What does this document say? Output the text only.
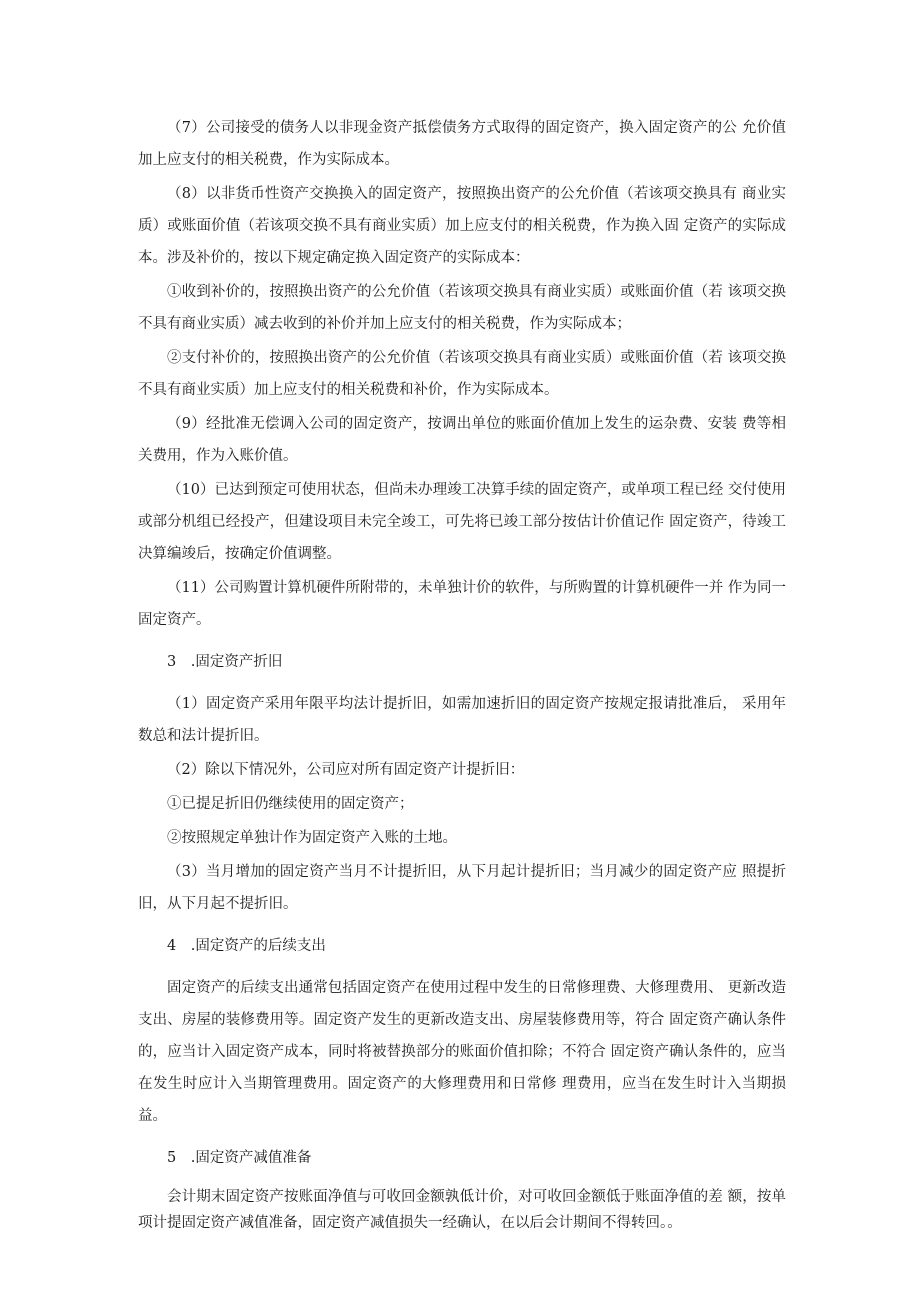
（7）公司接受的债务人以非现金资产抵偿债务方式取得的固定资产，换入固定资产的公 允价值加上应支付的相关税费，作为实际成本。

（8）以非货币性资产交换换入的固定资产，按照换出资产的公允价值（若该项交换具有 商业实质）或账面价值（若该项交换不具有商业实质）加上应支付的相关税费，作为换入固 定资产的实际成本。涉及补价的，按以下规定确定换入固定资产的实际成本：

①收到补价的，按照换出资产的公允价值（若该项交换具有商业实质）或账面价值（若 该项交换不具有商业实质）减去收到的补价并加上应支付的相关税费，作为实际成本；

②支付补价的，按照换出资产的公允价值（若该项交换具有商业实质）或账面价值（若 该项交换不具有商业实质）加上应支付的相关税费和补价，作为实际成本。

（9）经批准无偿调入公司的固定资产，按调出单位的账面价值加上发生的运杂费、安装 费等相关费用，作为入账价值。

（10）已达到预定可使用状态，但尚未办理竣工决算手续的固定资产，或单项工程已经 交付使用或部分机组已经投产，但建设项目未完全竣工，可先将已竣工部分按估计价值记作 固定资产，待竣工决算编竣后，按确定价值调整。

（11）公司购置计算机硬件所附带的，未单独计价的软件，与所购置的计算机硬件一并 作为同一固定资产。

3　.固定资产折旧

（1）固定资产采用年限平均法计提折旧，如需加速折旧的固定资产按规定报请批准后， 采用年数总和法计提折旧。

（2）除以下情况外，公司应对所有固定资产计提折旧：

①已提足折旧仍继续使用的固定资产；

②按照规定单独计作为固定资产入账的土地。

（3）当月增加的固定资产当月不计提折旧，从下月起计提折旧；当月减少的固定资产应 照提折旧，从下月起不提折旧。

4　.固定资产的后续支出

固定资产的后续支出通常包括固定资产在使用过程中发生的日常修理费、大修理费用、 更新改造支出、房屋的装修费用等。固定资产发生的更新改造支出、房屋装修费用等，符合 固定资产确认条件的，应当计入固定资产成本，同时将被替换部分的账面价值扣除；不符合 固定资产确认条件的，应当在发生时应计入当期管理费用。固定资产的大修理费用和日常修 理费用，应当在发生时计入当期损益。

5　.固定资产减值准备

会计期末固定资产按账面净值与可收回金额孰低计价，对可收回金额低于账面净值的差 额，按单项计提固定资产减值准备，固定资产减值损失一经确认，在以后会计期间不得转回。。
